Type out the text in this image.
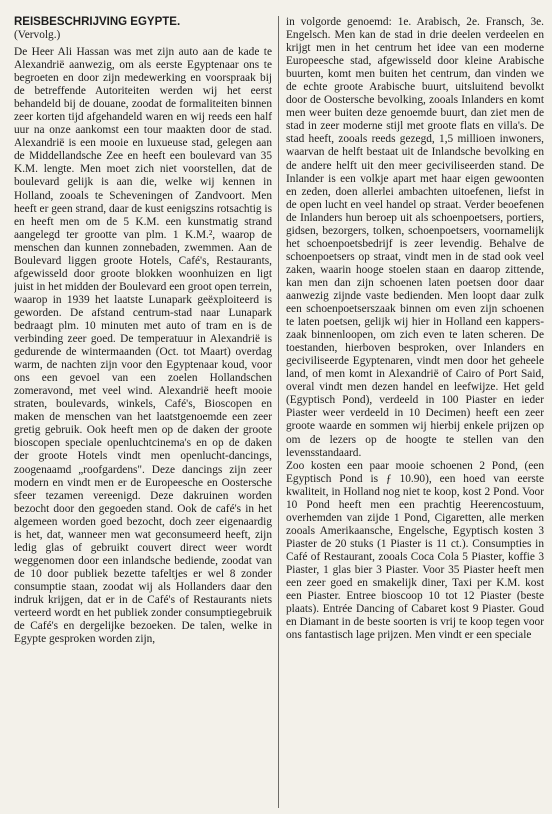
REISBESCHRIJVING EGYPTE.
(Vervolg.)

De Heer Ali Hassan was met zijn auto aan de kade te Alexandrië aanwezig, om als eerste Egyptenaar ons te begroeten en door zijn medewerking en voorspraak bij de betreffende Autoriteiten werden wij het eerst behandeld bij de douane, zoodat de formaliteiten binnen zeer korten tijd afgehandeld waren en wij reeds een half uur na onze aankomst een tour maakten door de stad. Alexandrië is een mooie en luxueuse stad, gelegen aan de Middellandsche Zee en heeft een boulevard van 35 K.M. lengte. Men moet zich niet voorstellen, dat de boulevard gelijk is aan die, welke wij kennen in Holland, zooals te Scheveningen of Zandvoort. Men heeft er geen strand, daar de kust eenigszins rotsachtig is en heeft men om de 5 K.M. een kunstmatig strand aangelegd ter grootte van plm. 1 K.M.², waarop de menschen dan kunnen zonnebaden, zwemmen. Aan de Boulevard liggen groote Hotels, Café's, Restaurants, afgewisseld door groote blokken woonhuizen en ligt juist in het midden der Boulevard een groot open terrein, waarop in 1939 het laatste Lunapark geëxploiteerd is geworden. De afstand centrum-stad naar Lunapark bedraagt plm. 10 minuten met auto of tram en is de verbinding zeer goed. De temperatuur in Alexandrië is gedurende de wintermaanden (Oct. tot Maart) overdag warm, de nachten zijn voor den Egyptenaar koud, voor ons een gevoel van een zoelen Hollandschen zomeravond, met veel wind. Alexandrië heeft mooie straten, boulevards, winkels, Café's, Bioscopen en maken de menschen van het laatstgenoemde een zeer gretig gebruik. Ook heeft men op de daken der groote bioscopen speciale openluchtcinema's en op de daken der groote Hotels vindt men openlucht-dancings, zoogenaamd „roofgardens". Deze dancings zijn zeer modern en vindt men er de Europeesche en Oostersche sfeer tezamen vereenigd. Deze dakruinen worden bezocht door den gegoeden stand. Ook de café's in het algemeen worden goed bezocht, doch zeer eigenaardig is het, dat, wanneer men wat geconsumeerd heeft, zijn ledig glas of gebruikt couvert direct weer wordt weggenomen door een inlandsche bediende, zoodat van de 10 door publiek bezette tafeltjes er wel 8 zonder consumptie staan, zoodat wij als Hollanders daar den indruk krijgen, dat er in de Café's of Restaurants niets verteerd wordt en het publiek zonder consumptiegebruik de Café's en dergelijke bezoeken. De talen, welke in Egypte gesproken worden zijn,

in volgorde genoemd: 1e. Arabisch, 2e. Fransch, 3e. Engelsch. Men kan de stad in drie deelen verdeelen en krijgt men in het centrum het idee van een moderne Europeesche stad, afgewisseld door kleine Arabische buurten, komt men buiten het centrum, dan vinden we de echte groote Arabische buurt, uitsluitend bevolkt door de Oostersche bevolking, zooals Inlanders en komt men weer buiten deze genoemde buurt, dan ziet men de stad in zeer moderne stijl met groote flats en villa's. De stad heeft, zooals reeds gezegd, 1,5 millioen inwoners, waarvan de helft bestaat uit de Inlandsche bevolking en de andere helft uit den meer geciviliseerden stand. De Inlander is een volkje apart met haar eigen gewoonten en zeden, doen allerlei ambachten uitoefenen, liefst in de open lucht en veel handel op straat. Verder beoefenen de Inlanders hun beroep uit als schoenpoetsers, portiers, gidsen, bezorgers, tolken, schoenpoetsers, voornamelijk het schoenpoetsbedrijf is zeer levendig. Behalve de schoenpoetsers op straat, vindt men in de stad ook veel zaken, waarin hooge stoelen staan en daarop zittende, kan men dan zijn schoenen laten poetsen door daar aanwezig zijnde vaste bedienden. Men loopt daar zulk een schoenpoetserszaak binnen om even zijn schoenen te laten poetsen, gelijk wij hier in Holland een kapperszaak binnenloopen, om zich even te laten scheren. De toestanden, hierboven besproken, over Inlanders en geciviliseerde Egyptenaren, vindt men door het geheele land, of men komt in Alexandrië of Cairo of Port Said, overal vindt men dezen handel en leefwijze. Het geld (Egyptisch Pond), verdeeld in 100 Piaster en ieder Piaster weer verdeeld in 10 Decimen) heeft een zeer groote waarde en sommen wij hierbij enkele prijzen op om de lezers op de hoogte te stellen van den levensstandaard.

Zoo kosten een paar mooie schoenen 2 Pond, (een Egyptisch Pond is ƒ 10.90), een hoed van eerste kwaliteit, in Holland nog niet te koop, kost 2 Pond. Voor 10 Pond heeft men een prachtig Heerencostuum, overhemden van zijde 1 Pond, Cigaretten, alle merken zooals Amerikaansche, Engelsche, Egyptisch kosten 3 Piaster de 20 stuks (1 Piaster is 11 ct.). Consumpties in Café of Restaurant, zooals Coca Cola 5 Piaster, koffie 3 Piaster, 1 glas bier 3 Piaster. Voor 35 Piaster heeft men een zeer goed en smakelijk diner, Taxi per K.M. kost een Piaster. Entree bioscoop 10 tot 12 Piaster (beste plaats). Entrée Dancing of Cabaret kost 9 Piaster. Goud en Diamant in de beste soorten is vrij te koop tegen voor ons fantastisch lage prijzen. Men vindt er een speciale
